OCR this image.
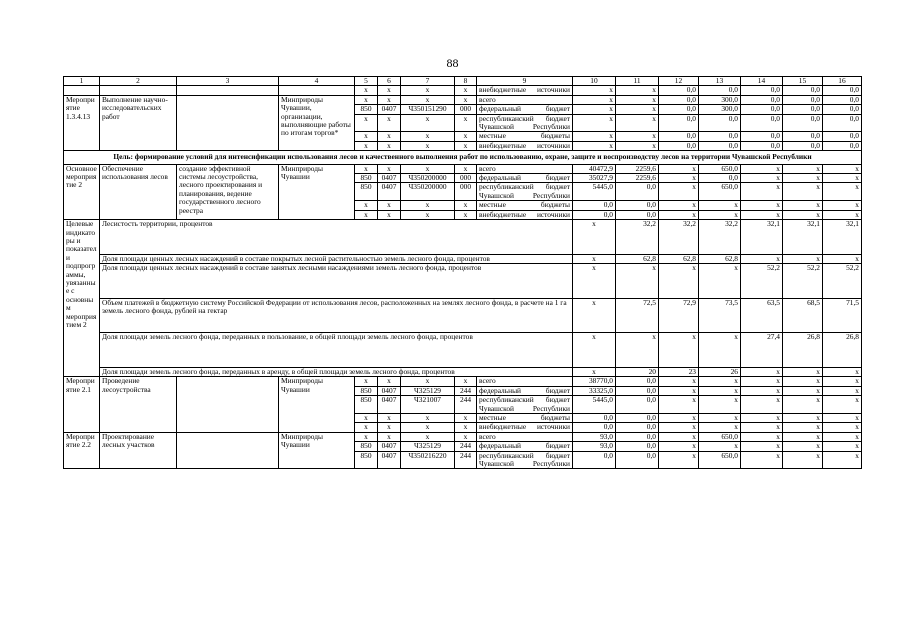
88
1	2	3	4	5	6	7	8	9	10	11	12	13	14	15	16	
				x	x	x	x	внебюджетные источники	x	x	0,0	0,0	0,0	0,0	0,0	
Мероприятие 1.3.4.13	Выполнение научно-исследовательских работ		Минприроды Чувашии, организации, выполняющие работы по итогам торгов*	x	x	x	x	всего	x	x	0,0	300,0	0,0	0,0	0,0	
				850	0407	Ч350151290	000	федеральный бюджет	x	x	0,0	300,0	0,0	0,0	0,0	
				x	x	x	x	республиканский бюджет Чувашской Республики	x	x	0,0	0,0	0,0	0,0	0,0	
				x	x	x	x	местные бюджеты	x	x	0,0	0,0	0,0	0,0	0,0	
				x	x	x	x	внебюджетные источники	x	x	0,0	0,0	0,0	0,0	0,0	
Цель: формирование условий для интенсификации использования лесов и качественного выполнения работ по использованию, охране, защите и воспроизводству лесов на территории Чувашской Республики																
Основное мероприятие 2	Обеспечение использования лесов	создание эффективной системы лесоустройства, лесного проектирования и планирования, ведение государственного лесного реестра	Минприроды Чувашии	x	x	x	x	всего	40472,9	2259,6	x	650,0	x	x	x	
				850	0407	Ч350200000	000	федеральный бюджет	35027,9	2259,6	x	0,0	x	x	x	
				850	0407	Ч350200000	000	республиканский бюджет Чувашской Республики	5445,0	0,0	x	650,0	x	x	x	
				x	x	x	x	местные бюджеты	0,0	0,0	x	x	x	x	x	
				x	x	x	x	внебюджетные источники	0,0	0,0	x	x	x	x	x	
Целевые индикаторы и показатели подпрограммы, увязанные с основным мероприятием 2	Лесистость территории, процентов								x	32,2	32,2	32,2	32,1	32,1	32,1	
	Доля площади ценных лесных насаждений в составе покрытых лесной растительностью земель лесного фонда, процентов								x	62,8	62,8	62,8	x	x	x	
	Доля площади ценных лесных насаждений в составе занятых лесными насаждениями земель лесного фонда, процентов								x	x	x	x	52,2	52,2	52,2	
	Объем платежей в бюджетную систему Российской Федерации от использования лесов, расположенных на землях лесного фонда, в расчете на 1 га земель лесного фонда, рублей на гектар								x	72,5	72,9	73,5	63,5	68,5	71,5	
	Доля площади земель лесного фонда, переданных в пользование, в общей площади земель лесного фонда, процентов								x	x	x	x	27,4	26,8	26,8	
	Доля площади земель лесного фонда, переданных в аренду, в общей площади земель лесного фонда, процентов								x	20	23	26	x	x	x	
Мероприятие 2.1	Проведение лесоустройства		Минприроды Чувашии	x	x	x	x	всего	38770,0	0,0	x	x	x	x	x	
				850	0407	Ч325129	244	федеральный бюджет	33325,0	0,0	x	x	x	x	x	
				850	0407	Ч321007	244	республиканский бюджет Чувашской Республики	5445,0	0,0	x	x	x	x	x	
				x	x	x	x	местные бюджеты	0,0	0,0	x	x	x	x	x	
				x	x	x	x	внебюджетные источники	0,0	0,0	x	x	x	x	x	
Мероприятие 2.2	Проектирование лесных участков		Минприроды Чувашии	x	x	x	x	всего	93,0	0,0	x	650,0	x	x	x	
				850	0407	Ч325129	244	федеральный бюджет	93,0	0,0	x	x	x	x	x	
				850	0407	Ч350216220	244	республиканский бюджет Чувашской Республики	0,0	0,0	x	650,0	x	x	x	
